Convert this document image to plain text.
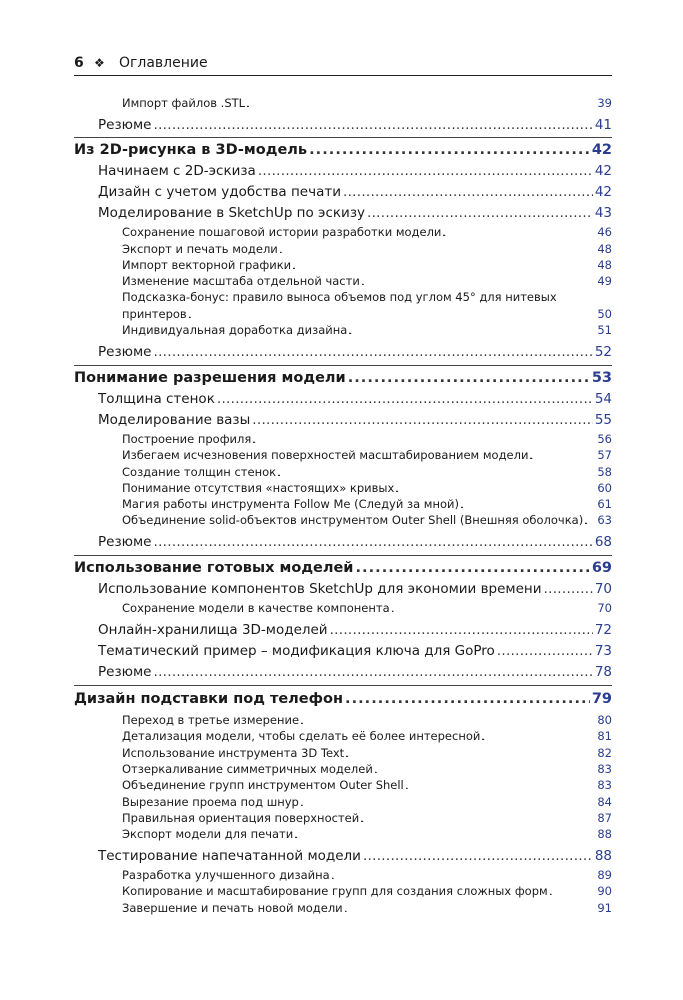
6 ❖ Оглавление
Импорт файлов .STL . . .	39
Резюме . . .	41
Из 2D-рисунка в 3D-модель . . .	42
Начинаем с 2D-эскиза . . .	42
Дизайн с учетом удобства печати . . .	42
Моделирование в SketchUp по эскизу . . .	43
Сохранение пошаговой истории разработки модели . . .	46
Экспорт и печать модели . . .	48
Импорт векторной графики . . .	48
Изменение масштаба отдельной части . . .	49
Подсказка-бонус: правило выноса объемов под углом 45° для нитевых
принтеров . . .	50
Индивидуальная доработка дизайна . . .	51
Резюме . . .	52
Понимание разрешения модели . . .	53
Толщина стенок . . .	54
Моделирование вазы . . .	55
Построение профиля . . .	56
Избегаем исчезновения поверхностей масштабированием модели . . .	57
Создание толщин стенок . . .	58
Понимание отсутствия «настоящих» кривых . . .	60
Магия работы инструмента Follow Me (Следуй за мной) . . .	61
Объединение solid-объектов инструментом Outer Shell (Внешняя оболочка) . . . 63
Резюме . . .	68
Использование готовых моделей . . .	69
Использование компонентов SketchUp для экономии времени . . .	70
Сохранение модели в качестве компонента . . .	70
Онлайн-хранилища 3D-моделей . . .	72
Тематический пример – модификация ключа для GoPro . . .	73
Резюме . . .	78
Дизайн подставки под телефон . . .	79
Переход в третье измерение . . .	80
Детализация модели, чтобы сделать её более интересной . . .	81
Использование инструмента 3D Text . . .	82
Отзеркаливание симметричных моделей . . .	83
Объединение групп инструментом Outer Shell . . .	83
Вырезание проема под шнур . . .	84
Правильная ориентация поверхностей . . .	87
Экспорт модели для печати . . .	88
Тестирование напечатанной модели . . .	88
Разработка улучшенного дизайна . . .	89
Копирование и масштабирование групп для создания сложных форм . . .	90
Завершение и печать новой модели . . .	91
